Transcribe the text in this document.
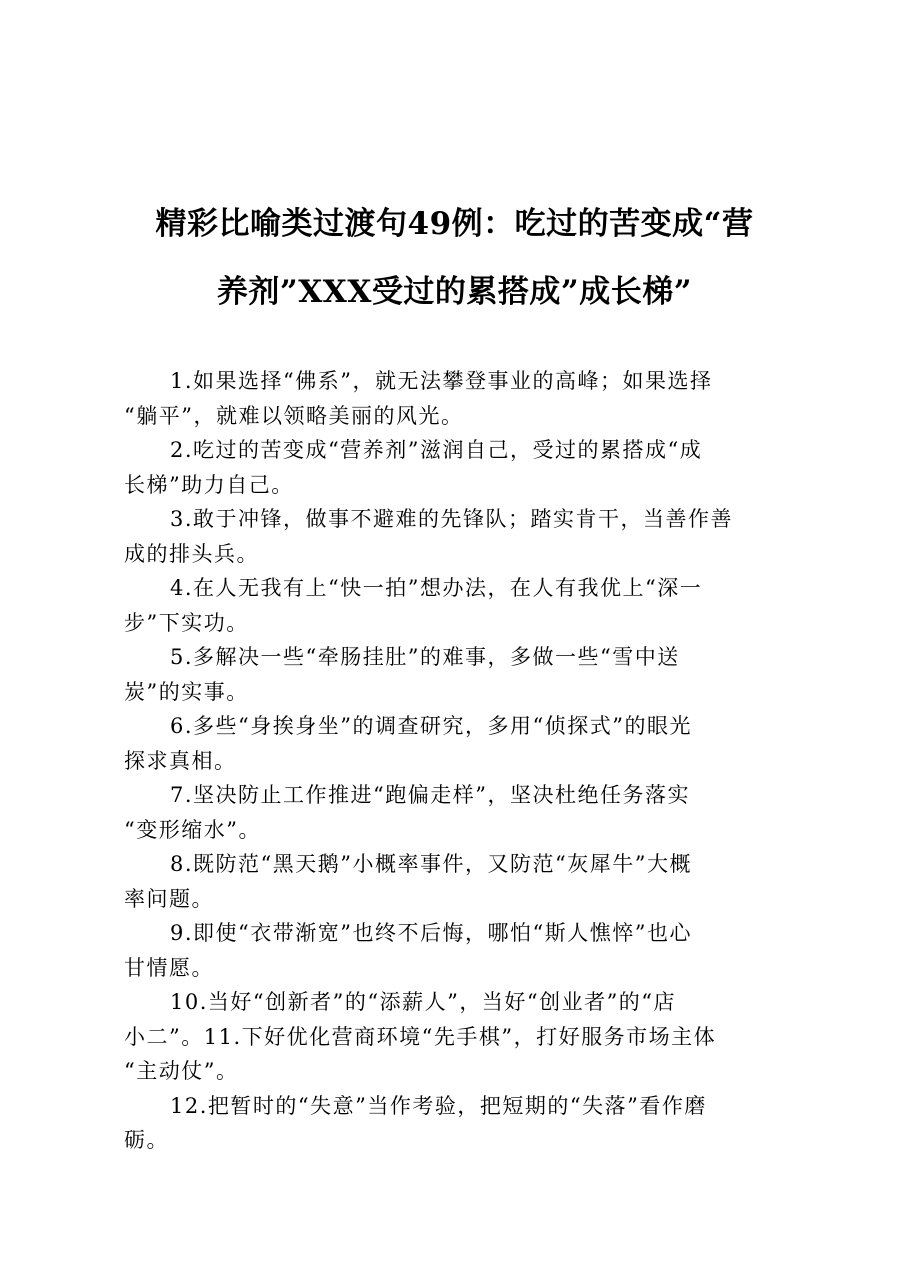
精彩比喻类过渡句49例：吃过的苦变成“营
养剂”XXX受过的累搭成”成长梯”

1.如果选择“佛系”，就无法攀登事业的高峰；如果选择
“躺平”，就难以领略美丽的风光。

2.吃过的苦变成“营养剂”滋润自己，受过的累搭成“成
长梯”助力自己。

3.敢于冲锋，做事不避难的先锋队；踏实肯干，当善作善
成的排头兵。

4.在人无我有上“快一拍”想办法，在人有我优上“深一
步”下实功。

5.多解决一些“牵肠挂肚”的难事，多做一些“雪中送
炭”的实事。

6.多些“身挨身坐”的调查研究，多用“侦探式”的眼光
探求真相。

7.坚决防止工作推进“跑偏走样”，坚决杜绝任务落实
“变形缩水”。

8.既防范“黑天鹅”小概率事件，又防范“灰犀牛”大概
率问题。

9.即使“衣带渐宽”也终不后悔，哪怕“斯人憔悴”也心
甘情愿。

10.当好“创新者”的“添薪人”，当好“创业者”的“店
小二”。11.下好优化营商环境“先手棋”，打好服务市场主体
“主动仗”。

12.把暂时的“失意”当作考验，把短期的“失落”看作磨
砺。
